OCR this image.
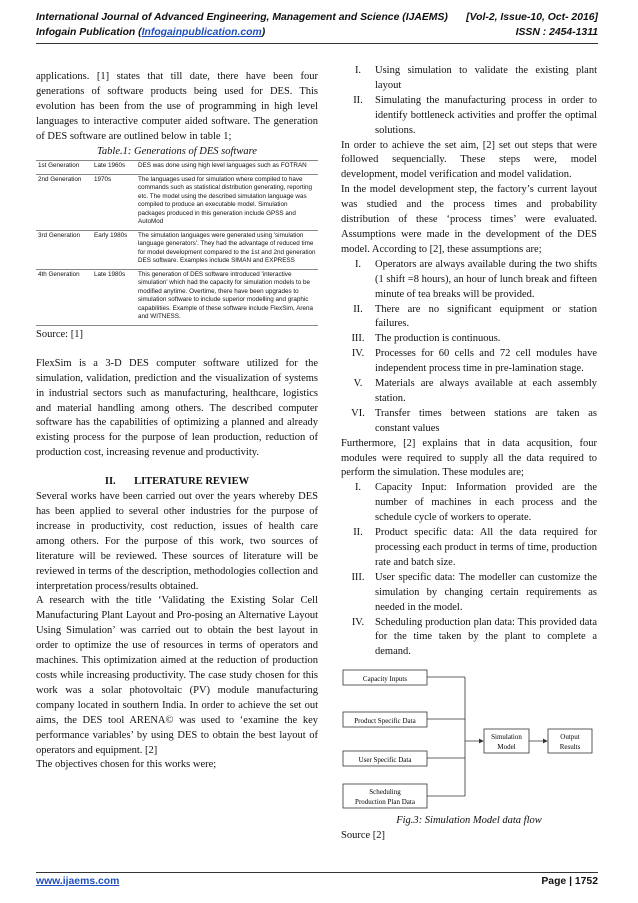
International Journal of Advanced Engineering, Management and Science (IJAEMS) [Vol-2, Issue-10, Oct- 2016]
Infogain Publication (Infogainpublication.com)	ISSN : 2454-1311

applications. [1] states that till date, there have been four generations of software products being used for DES. This evolution has been from the use of programming in high level languages to interactive computer aided software. The generation of DES software are outlined below in table 1;

Table.1: Generations of DES software

1st Generation	Late 1960s	DES was done using high level languages such as FOTRAN
2nd Generation	1970s	The languages used for simulation where compiled to have commands such as statistical distribution generating, reporting etc. The model using the described simulation language was compiled to produce an executable model. Simulation packages produced in this generation include GPSS and AutoMod
3rd Generation	Early 1980s	The simulation languages were generated using 'simulation language generators'. They had the advantage of reduced time for model development compared to the 1st and 2nd generation DES software. Examples include SIMAN and EXPRESS
4th Generation	Late 1980s	This generation of DES software introduced 'interactive simulation' which had the capacity for simulation models to be modified anytime. Overtime, there have been upgrades to simulation software to include superior modelling and graphic capabilities. Example of these software include FlexSim, Arena and WITNESS.

Source: [1]

FlexSim is a 3-D DES computer software utilized for the simulation, validation, prediction and the visualization of systems in industrial sectors such as manufacturing, healthcare, logistics and material handling among others. The described computer software has the capabilities of optimizing a planned and already existing process for the purpose of lean production, reduction of production cost, increasing revenue and productivity.

II. LITERATURE REVIEW

Several works have been carried out over the years whereby DES has been applied to several other industries for the purpose of increase in productivity, cost reduction, issues of health care among others. For the purpose of this work, two sources of literature will be reviewed. These sources of literature will be reviewed in terms of the description, methodologies collection and interpretation process/results obtained.

A research with the title ‘Validating the Existing Solar Cell Manufacturing Plant Layout and Pro-posing an Alternative Layout Using Simulation’ was carried out to obtain the best layout in order to optimize the use of resources in terms of operators and machines. This optimization aimed at the reduction of production costs while increasing productivity. The case study chosen for this work was a solar photovoltaic (PV) module manufacturing company located in southern India. In order to achieve the set out aims, the DES tool ARENA© was used to ‘examine the key performance variables’ by using DES to obtain the best layout of operators and equipment. [2]

The objectives chosen for this works were;

I.	Using simulation to validate the existing plant layout
II.	Simulating the manufacturing process in order to identify bottleneck activities and proffer the optimal solutions.

In order to achieve the set aim, [2] set out steps that were followed sequencially. These steps were, model development, model verification and model validation.

In the model development step, the factory’s current layout was studied and the process times and probability distribution of these ‘process times’ were evaluated. Assumptions were made in the development of the DES model. According to [2], these assumptions are;

I.	Operators are always available during the two shifts (1 shift =8 hours), an hour of lunch break and fifteen minute of tea breaks will be provided.
II.	There are no significant equipment or station failures.
III. The production is continuous.
IV.	Processes for 60 cells and 72 cell modules have independent process time in pre-lamination stage.
V.	Materials are always available at each assembly station.
VI. Transfer times between stations are taken as constant values

Furthermore, [2] explains that in data acqusition, four modules were required to supply all the data required to perform the simulation. These modules are;

I.	Capacity Input: Information provided are the number of machines in each process and the schedule cycle of workers to operate.
II.	Product specific data: All the data required for processing each product in terms of time, production rate and batch size.
III. User specific data: The modeller can customize the simulation by changing certain requirements as needed in the model.
IV.	Scheduling production plan data: This provided data for the time taken by the plant to complete a demand.
Capacity Inputs
Product Specific Data
User Specific Data
Scheduling
Production Plan Data
Simulation
Model
Output
Results

Fig.3: Simulation Model data flow

Source [2]

www.ijaems.com	Page | 1752
